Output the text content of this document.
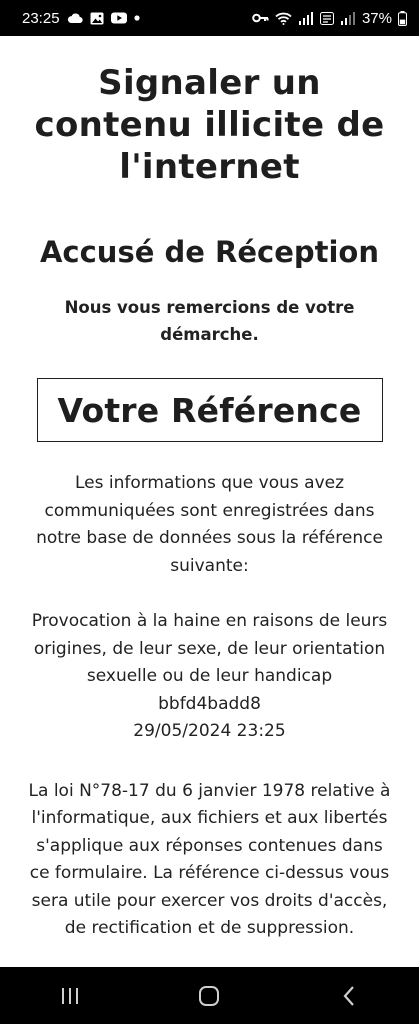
23:25	37%
Signaler un contenu illicite de l'internet
Accusé de Réception

Nous vous remercions de votre démarche.

Votre Référence

Les informations que vous avez communiquées sont enregistrées dans notre base de données sous la référence suivante:

Provocation à la haine en raisons de leurs origines, de leur sexe, de leur orientation sexuelle ou de leur handicap
bbfd4badd8
29/05/2024 23:25

La loi N°78-17 du 6 janvier 1978 relative à l'informatique, aux fichiers et aux libertés s'applique aux réponses contenues dans ce formulaire. La référence ci-dessus vous sera utile pour exercer vos droits d'accès, de rectification et de suppression.
